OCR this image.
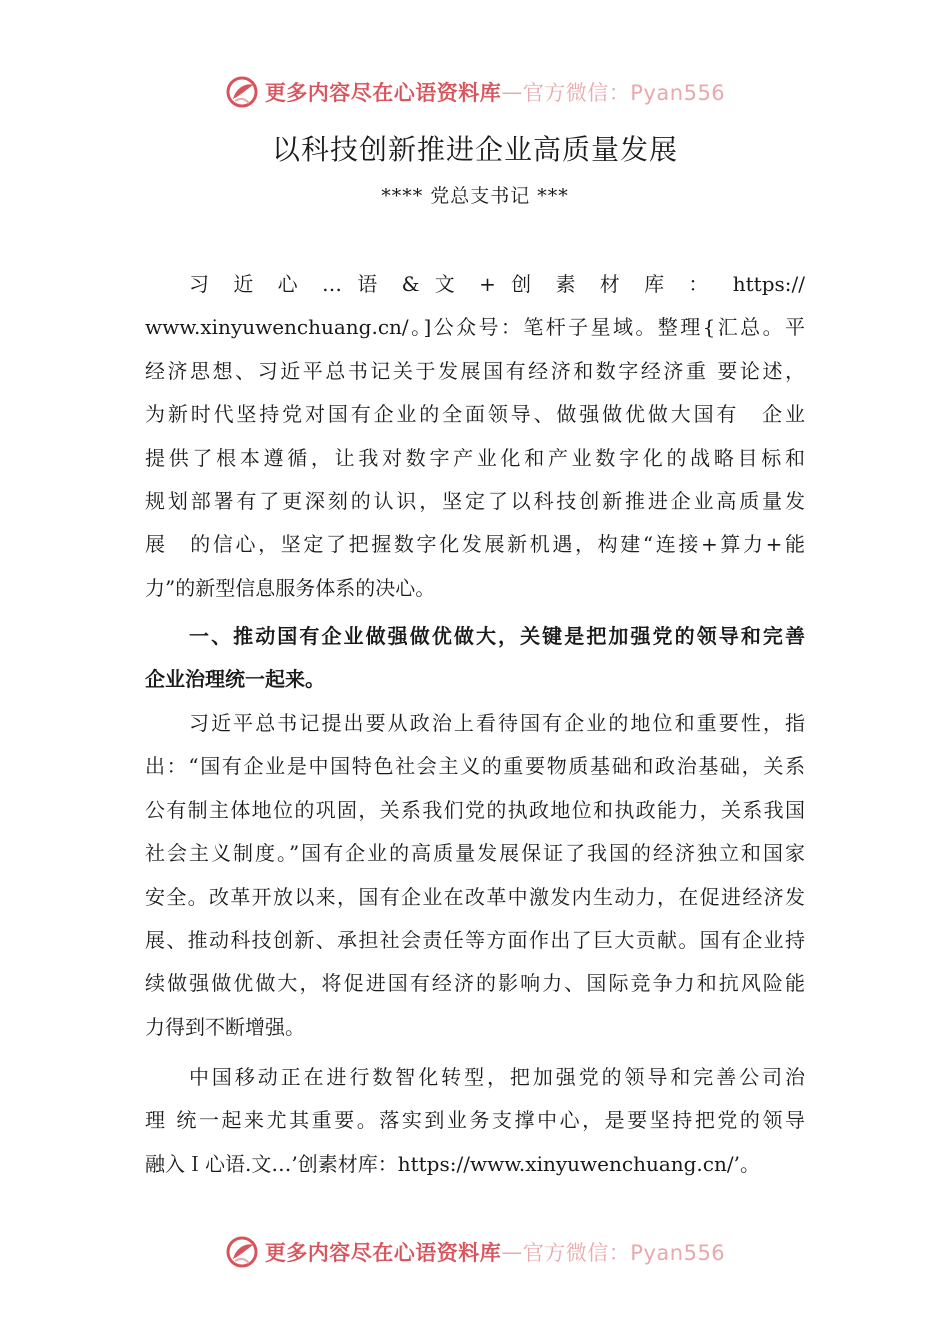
更多内容尽在心语资料库 — 官方微信：Pyan556
以科技创新推进企业高质量发展
**** 党总支书记 ***
习 近 心 … 语 & 文 + 创 素 材 库 ： https://
www.xinyuwenchuang.cn/。]公众号：笔杆子星域。整理{汇总。平
经济思想、习近平总书记关于发展国有经济和数字经济重 要论述，
为新时代坚持党对国有企业的全面领导、做强做优做大国有　企业
提供了根本遵循，让我对数字产业化和产业数字化的战略目标和
规划部署有了更深刻的认识，坚定了以科技创新推进企业高质量发
展　的信心，坚定了把握数字化发展新机遇，构建“连接+算力+能
力”的新型信息服务体系的决心。
一、推动国有企业做强做优做大，关键是把加强党的领导和完善
企业治理统一起来。
习近平总书记提出要从政治上看待国有企业的地位和重要性，指
出：“国有企业是中国特色社会主义的重要物质基础和政治基础，关系
公有制主体地位的巩固，关系我们党的执政地位和执政能力，关系我国
社会主义制度。”国有企业的高质量发展保证了我国的经济独立和国家
安全。改革开放以来，国有企业在改革中激发内生动力，在促进经济发
展、推动科技创新、承担社会责任等方面作出了巨大贡献。国有企业持
续做强做优做大，将促进国有经济的影响力、国际竞争力和抗风险能
力得到不断增强。
中国移动正在进行数智化转型，把加强党的领导和完善公司治
理 统一起来尤其重要。落实到业务支撑中心，是要坚持把党的领导
融入Ｉ心语.文…’创素材库：https://www.xinyuwenchuang.cn/’。
更多内容尽在心语资料库 — 官方微信：Pyan556
